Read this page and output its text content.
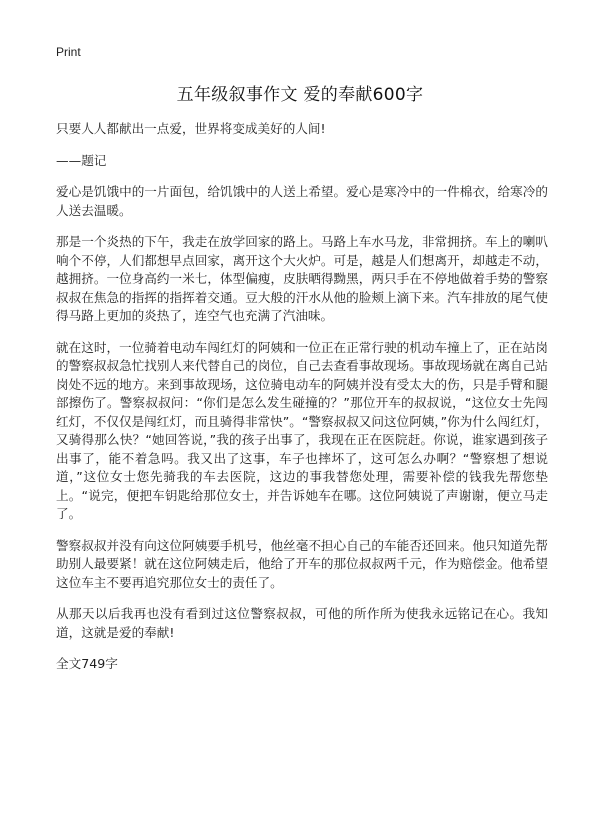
Print
五年级叙事作文 爱的奉献600字

只要人人都献出一点爱，世界将变成美好的人间!

——题记

爱心是饥饿中的一片面包，给饥饿中的人送上希望。爱心是寒冷中的一件棉衣，给寒冷的人送去温暖。

那是一个炎热的下午，我走在放学回家的路上。马路上车水马龙，非常拥挤。车上的喇叭响个不停，人们都想早点回家，离开这个大火炉。可是，越是人们想离开，却越走不动，越拥挤。一位身高约一米七，体型偏瘦，皮肤晒得黝黑，两只手在不停地做着手势的警察叔叔在焦急的指挥的指挥着交通。豆大般的汗水从他的脸颊上滴下来。汽车排放的尾气使得马路上更加的炎热了，连空气也充满了汽油味。

就在这时，一位骑着电动车闯红灯的阿姨和一位正在正常行驶的机动车撞上了，正在站岗的警察叔叔急忙找别人来代替自己的岗位，自己去查看事故现场。事故现场就在离自己站岗处不远的地方。来到事故现场，这位骑电动车的阿姨并没有受太大的伤，只是手臂和腿部擦伤了。警察叔叔问：“你们是怎么发生碰撞的？”那位开车的叔叔说，“这位女士先闯红灯，不仅仅是闯红灯，而且骑得非常快”。“警察叔叔又问这位阿姨，”你为什么闯红灯，又骑得那么快？“她回答说，”我的孩子出事了，我现在正在医院赶。你说，谁家遇到孩子出事了，能不着急吗。我又出了这事，车子也摔坏了，这可怎么办啊？“警察想了想说道，”这位女士您先骑我的车去医院，这边的事我替您处理，需要补偿的钱我先帮您垫上。“说完，便把车钥匙给那位女士，并告诉她车在哪。这位阿姨说了声谢谢，便立马走了。

警察叔叔并没有向这位阿姨要手机号，他丝毫不担心自己的车能否还回来。他只知道先帮助别人最要紧！就在这位阿姨走后，他给了开车的那位叔叔两千元，作为赔偿金。他希望这位车主不要再追究那位女士的责任了。

从那天以后我再也没有看到过这位警察叔叔，可他的所作所为使我永远铭记在心。我知道，这就是爱的奉献!

全文749字
